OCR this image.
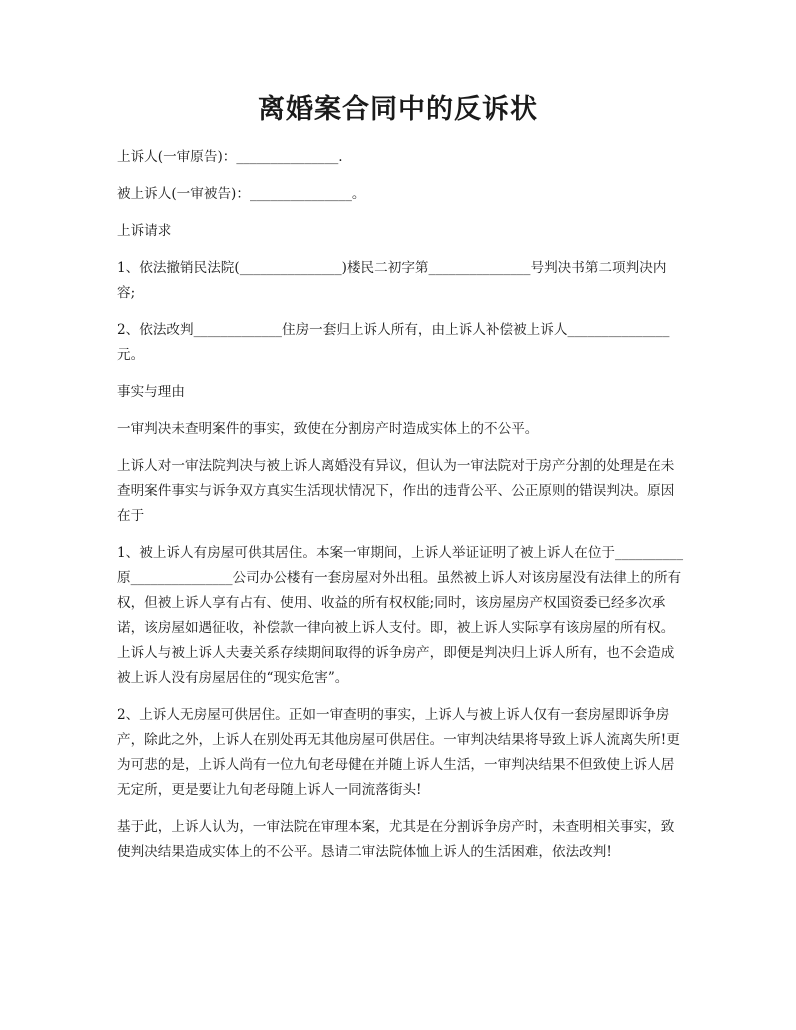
离婚案合同中的反诉状

上诉人(一审原告)：_______________.

被上诉人(一审被告)：_______________。

上诉请求

1、依法撤销民法院(_______________)楼民二初字第_______________号判决书第二项判决内容;

2、依法改判_____________住房一套归上诉人所有，由上诉人补偿被上诉人_______________元。

事实与理由

一审判决未查明案件的事实，致使在分割房产时造成实体上的不公平。

上诉人对一审法院判决与被上诉人离婚没有异议，但认为一审法院对于房产分割的处理是在未查明案件事实与诉争双方真实生活现状情况下，作出的违背公平、公正原则的错误判决。原因在于

1、被上诉人有房屋可供其居住。本案一审期间，上诉人举证证明了被上诉人在位于__________原_______________公司办公楼有一套房屋对外出租。虽然被上诉人对该房屋没有法律上的所有权，但被上诉人享有占有、使用、收益的所有权权能;同时，该房屋房产权国资委已经多次承诺，该房屋如遇征收，补偿款一律向被上诉人支付。即，被上诉人实际享有该房屋的所有权。上诉人与被上诉人夫妻关系存续期间取得的诉争房产，即便是判决归上诉人所有，也不会造成被上诉人没有房屋居住的“现实危害”。

2、上诉人无房屋可供居住。正如一审查明的事实，上诉人与被上诉人仅有一套房屋即诉争房产，除此之外，上诉人在别处再无其他房屋可供居住。一审判决结果将导致上诉人流离失所!更为可悲的是，上诉人尚有一位九旬老母健在并随上诉人生活，一审判决结果不但致使上诉人居无定所，更是要让九旬老母随上诉人一同流落街头!

基于此，上诉人认为，一审法院在审理本案，尤其是在分割诉争房产时，未查明相关事实，致使判决结果造成实体上的不公平。恳请二审法院体恤上诉人的生活困难，依法改判!
